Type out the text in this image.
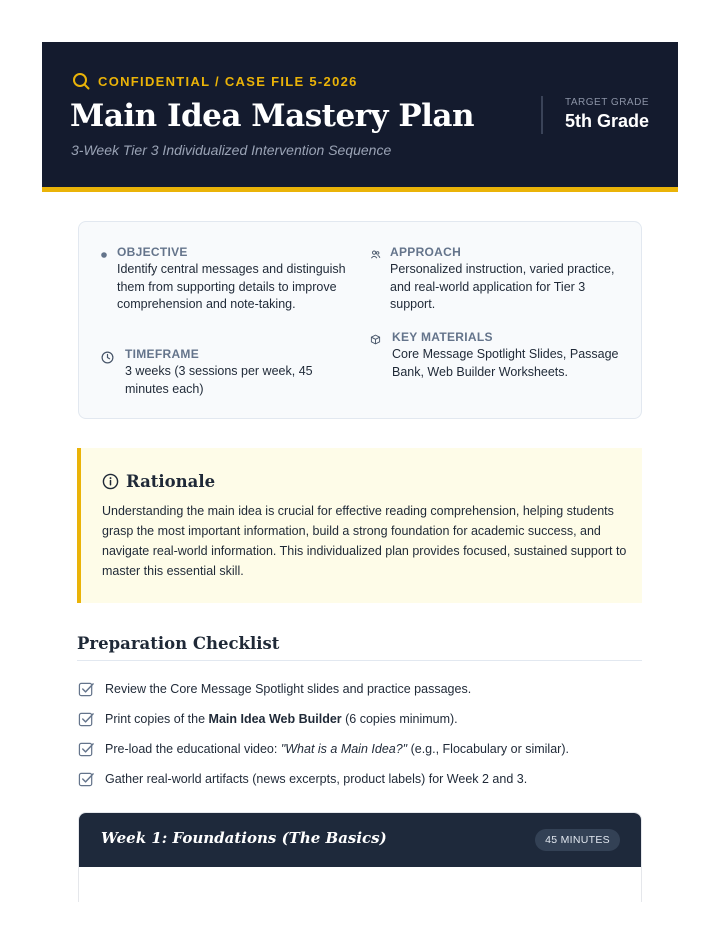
CONFIDENTIAL / CASE FILE 5-2026
Main Idea Mastery Plan
3-Week Tier 3 Individualized Intervention Sequence
TARGET GRADE
5th Grade
OBJECTIVE
Identify central messages and distinguish them from supporting details to improve comprehension and note-taking.
TIMEFRAME
3 weeks (3 sessions per week, 45 minutes each)
APPROACH
Personalized instruction, varied practice, and real-world application for Tier 3 support.
KEY MATERIALS
Core Message Spotlight Slides, Passage Bank, Web Builder Worksheets.
Rationale
Understanding the main idea is crucial for effective reading comprehension, helping students grasp the most important information, build a strong foundation for academic success, and navigate real-world information. This individualized plan provides focused, sustained support to master this essential skill.
Preparation Checklist
Review the Core Message Spotlight slides and practice passages.
Print copies of the Main Idea Web Builder (6 copies minimum).
Pre-load the educational video: "What is a Main Idea?" (e.g., Flocabulary or similar).
Gather real-world artifacts (news excerpts, product labels) for Week 2 and 3.
Week 1: Foundations (The Basics)	45 MINUTES
